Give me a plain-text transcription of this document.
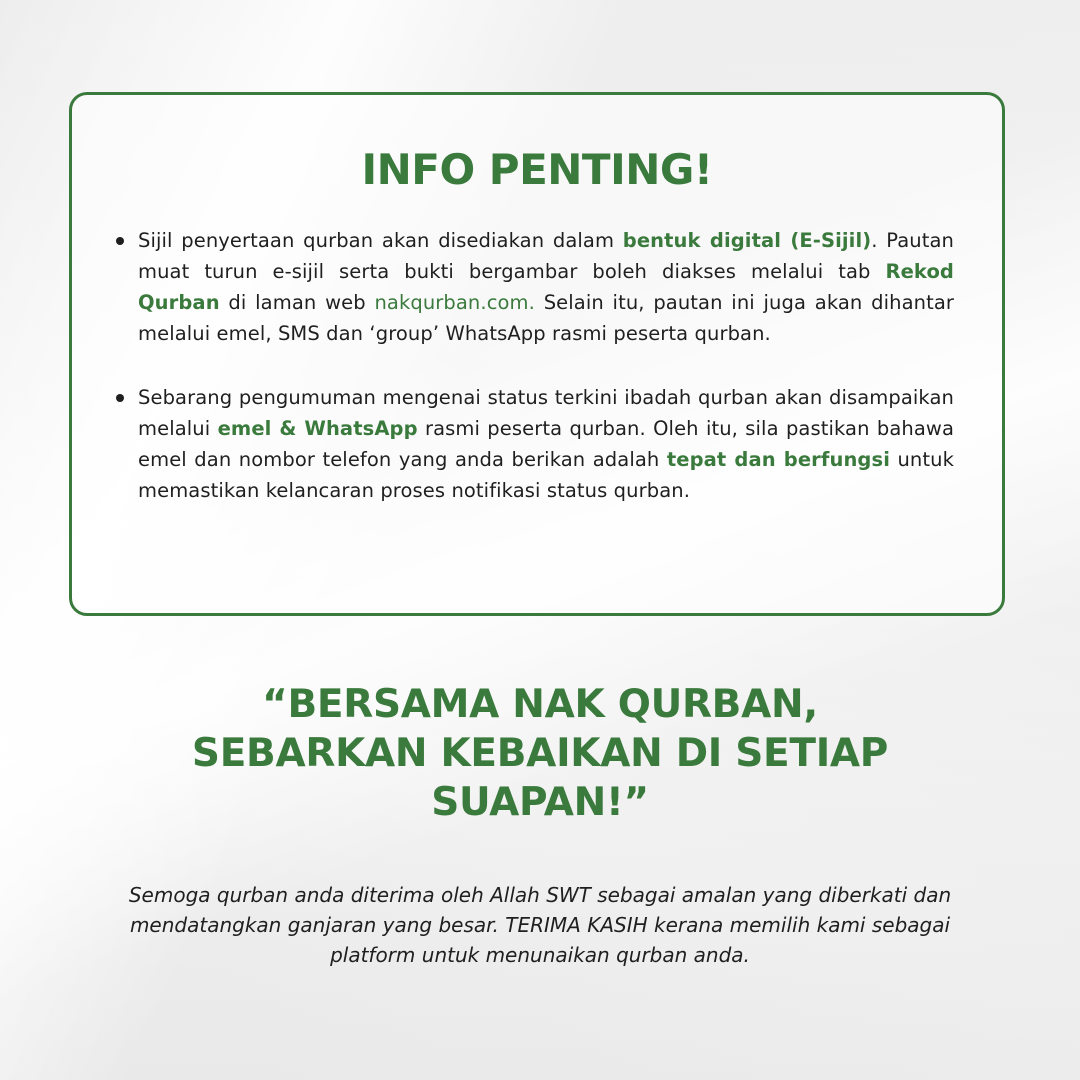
INFO PENTING!
Sijil penyertaan qurban akan disediakan dalam bentuk digital (E-Sijil). Pautan muat turun e-sijil serta bukti bergambar boleh diakses melalui tab Rekod Qurban di laman web nakqurban.com. Selain itu, pautan ini juga akan dihantar melalui emel, SMS dan ‘group’ WhatsApp rasmi peserta qurban.
Sebarang pengumuman mengenai status terkini ibadah qurban akan disampaikan melalui emel & WhatsApp rasmi peserta qurban. Oleh itu, sila pastikan bahawa emel dan nombor telefon yang anda berikan adalah tepat dan berfungsi untuk memastikan kelancaran proses notifikasi status qurban.
“BERSAMA NAK QURBAN,
SEBARKAN KEBAIKAN DI SETIAP
SUAPAN!”

Semoga qurban anda diterima oleh Allah SWT sebagai amalan yang diberkati dan
mendatangkan ganjaran yang besar. TERIMA KASIH kerana memilih kami sebagai
platform untuk menunaikan qurban anda.
